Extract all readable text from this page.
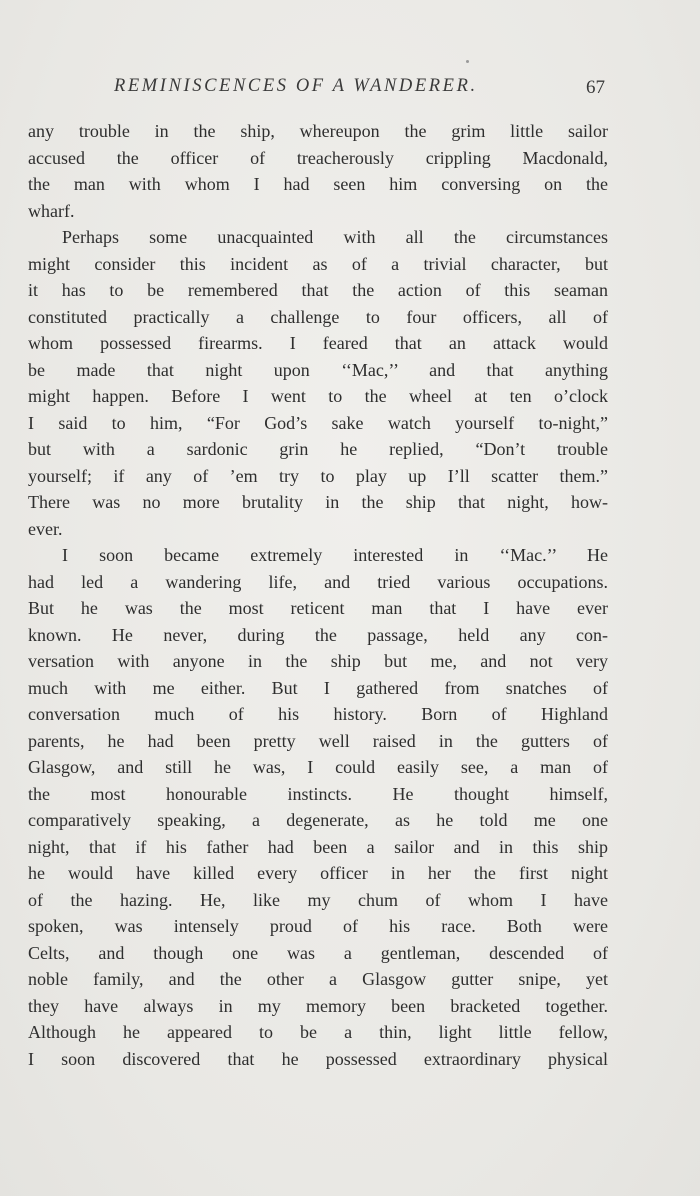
REMINISCENCES OF A WANDERER.	67
any trouble in the ship, whereupon the grim little sailor
accused the officer of treacherously crippling Macdonald,
the man with whom I had seen him conversing on the
wharf.
Perhaps some unacquainted with all the circumstances
might consider this incident as of a trivial character, but
it has to be remembered that the action of this seaman
constituted practically a challenge to four officers, all of
whom possessed firearms. I feared that an attack would
be made that night upon ‘‘Mac,’’ and that anything
might happen. Before I went to the wheel at ten o’clock
I said to him, “For God’s sake watch yourself to-night,”
but with a sardonic grin he replied, “Don’t trouble
yourself; if any of ’em try to play up I’ll scatter them.”
There was no more brutality in the ship that night, how-
ever.
I soon became extremely interested in ‘‘Mac.’’ He
had led a wandering life, and tried various occupations.
But he was the most reticent man that I have ever
known. He never, during the passage, held any con-
versation with anyone in the ship but me, and not very
much with me either. But I gathered from snatches of
conversation much of his history. Born of Highland
parents, he had been pretty well raised in the gutters of
Glasgow, and still he was, I could easily see, a man of
the most honourable instincts. He thought himself,
comparatively speaking, a degenerate, as he told me one
night, that if his father had been a sailor and in this ship
he would have killed every officer in her the first night
of the hazing. He, like my chum of whom I have
spoken, was intensely proud of his race. Both were
Celts, and though one was a gentleman, descended of
noble family, and the other a Glasgow gutter snipe, yet
they have always in my memory been bracketed together.
Although he appeared to be a thin, light little fellow,
I soon discovered that he possessed extraordinary physical
